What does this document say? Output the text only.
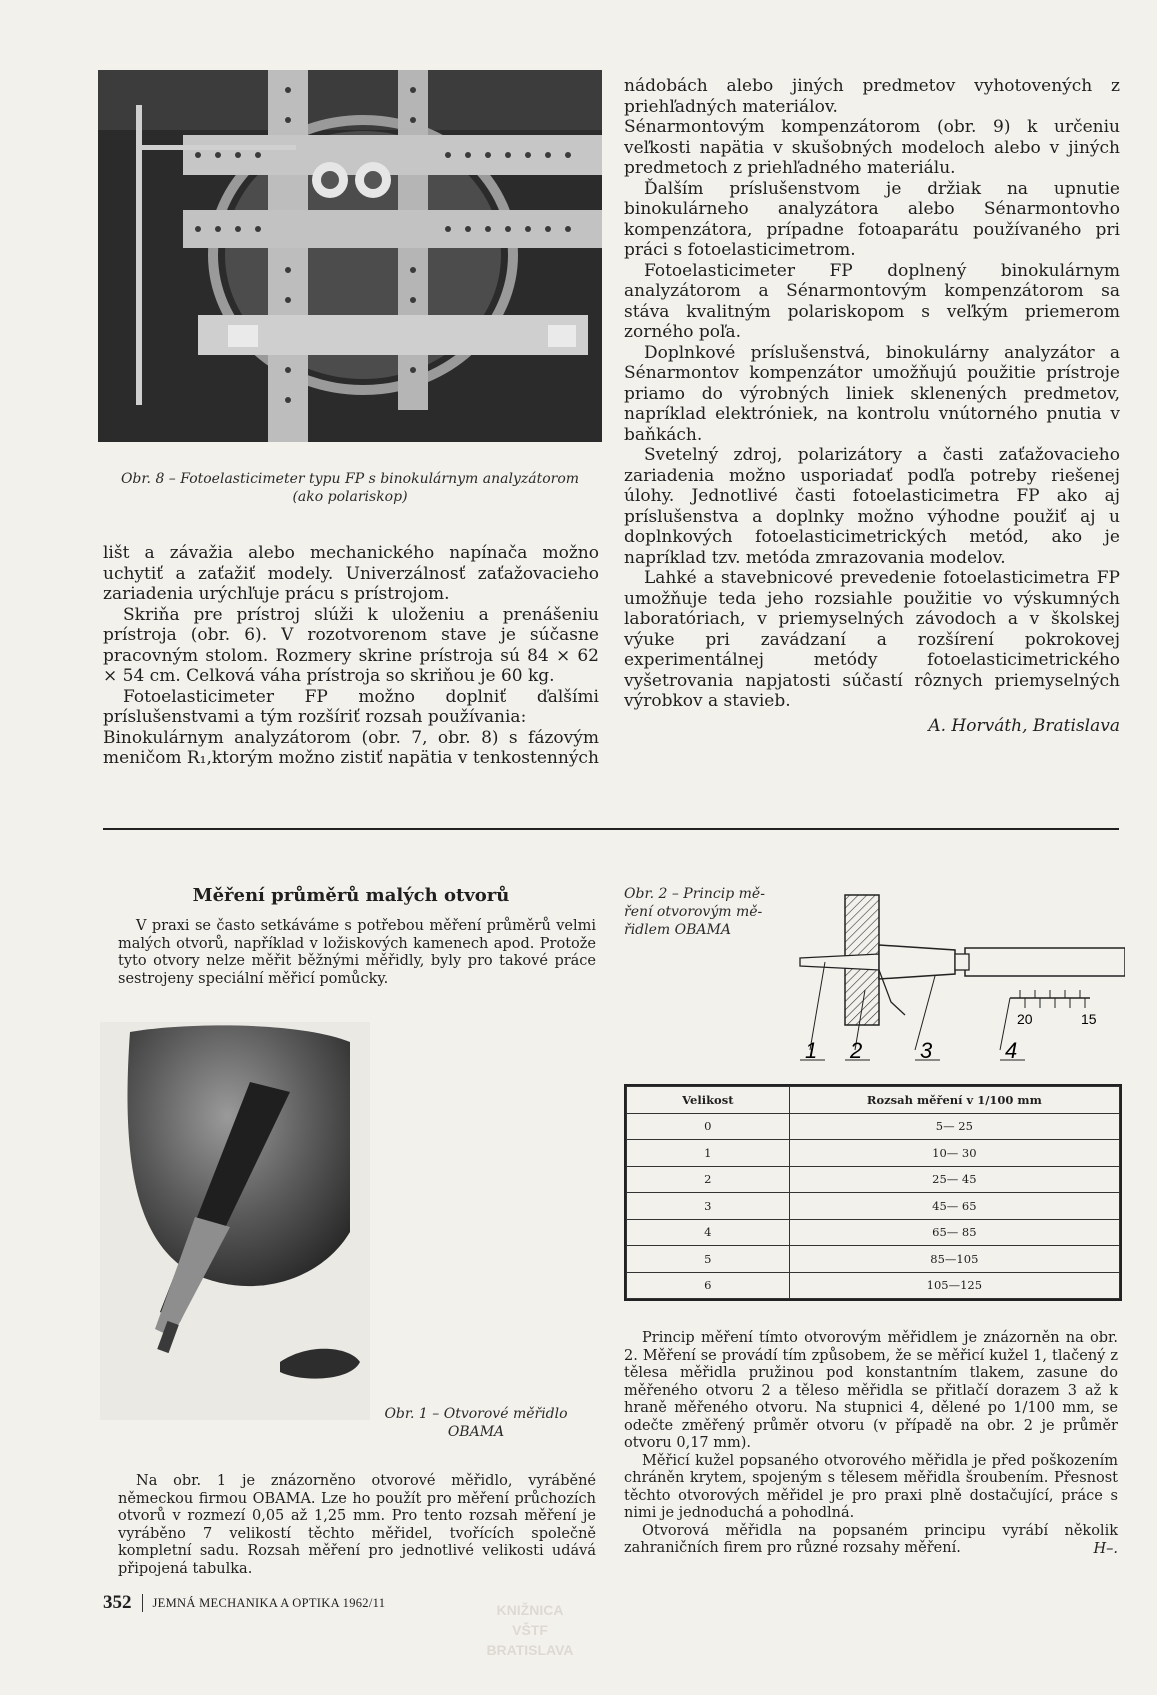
Obr. 8 – Fotoelasticimeter typu FP s binokulárnym analyzátorom
(ako polariskop)

lišt a závažia alebo mechanického napínača možno uchytiť a zaťažiť modely. Univerzálnosť zaťažovacieho zariadenia urýchľuje prácu s prístrojom.

Skriňa pre prístroj slúži k uloženiu a prenášeniu prístroja (obr. 6). V rozotvorenom stave je súčasne pracovným stolom. Rozmery skrine prístroja sú 84 × 62 × 54 cm. Celková váha prístroja so skriňou je 60 kg.

Fotoelasticimeter FP možno doplniť ďalšími príslušenstvami a tým rozšíriť rozsah používania:

Binokulárnym analyzátorom (obr. 7, obr. 8) s fázovým meničom R₁,ktorým možno zistiť napätia v tenkostenných

nádobách alebo jiných predmetov vyhotovených z priehľadných materiálov.

Sénarmontovým kompenzátorom (obr. 9) k určeniu veľkosti napätia v skušobných modeloch alebo v jiných predmetoch z priehľadného materiálu.

Ďalším príslušenstvom je držiak na upnutie binokulárneho analyzátora alebo Sénarmontovho kompenzátora, prípadne fotoaparátu používaného pri práci s fotoelasticimetrom.

Fotoelasticimeter FP doplnený binokulárnym analyzátorom a Sénarmontovým kompenzátorom sa stáva kvalitným polariskopom s veľkým priemerom zorného poľa.

Doplnkové príslušenstvá, binokulárny analyzátor a Sénarmontov kompenzátor umožňujú použitie prístroje priamo do výrobných liniek sklenených predmetov, napríklad elektróniek, na kontrolu vnútorného pnutia v baňkách.

Svetelný zdroj, polarizátory a časti zaťažovacieho zariadenia možno usporiadať podľa potreby riešenej úlohy. Jednotlivé časti fotoelasticimetra FP ako aj príslušenstva a doplnky možno výhodne použiť aj u doplnkových fotoelasticimetrických metód, ako je napríklad tzv. metóda zmrazovania modelov.

Lahké a stavebnicové prevedenie fotoelasticimetra FP umožňuje teda jeho rozsiahle použitie vo výskumných laboratóriach, v priemyselných závodoch a v školskej výuke pri zavádzaní a rozšírení pokrokovej experimentálnej metódy fotoelasticimetrického vyšetrovania napjatosti súčastí rôznych priemyselných výrobkov a stavieb.

A. Horváth, Bratislava
Měření průměrů malých otvorů

V praxi se často setkáváme s potřebou měření průměrů velmi malých otvorů, například v ložiskových kamenech apod. Protože tyto otvory nelze měřit běžnými měřidly, byly pro takové práce sestrojeny speciální měřicí pomůcky.

Obr. 1 – Otvorové měřidlo
OBAMA

Na obr. 1 je znázorněno otvorové měřidlo, vyráběné německou firmou OBAMA. Lze ho použít pro měření průchozích otvorů v rozmezí 0,05 až 1,25 mm. Pro tento rozsah měření je vyráběno 7 velikostí těchto měřidel, tvořících společně kompletní sadu. Rozsah měření pro jednotlivé velikosti udává připojená tabulka.

Obr. 2 – Princip mě-
ření otvorovým mě-
řidlem OBAMA
20	15
1 2	3	4
Velikost	Rozsah měření v 1/100 mm
0	5— 25
1	10— 30
2	25— 45
3	45— 65
4	65— 85
5	85—105
6	105—125

Princip měření tímto otvorovým měřidlem je znázorněn na obr. 2. Měření se provádí tím způsobem, že se měřicí kužel 1, tlačený z tělesa měřidla pružinou pod konstantním tlakem, zasune do měřeného otvoru 2 a těleso měřidla se přitlačí dorazem 3 až k hraně měřeného otvoru. Na stupnici 4, dělené po 1/100 mm, se odečte změřený průměr otvoru (v případě na obr. 2 je průměr otvoru 0,17 mm).

Měřicí kužel popsaného otvorového měřidla je před poškozením chráněn krytem, spojeným s tělesem měřidla šroubením. Přesnost těchto otvorových měřidel je pro praxi plně dostačující, práce s nimi je jednoduchá a pohodlná.

Otvorová měřidla na popsaném principu vyrábí několik zahraničních firem pro různé rozsahy měření.	H–.
352 JEMNÁ MECHANIKA A OPTIKA 1962/11	KNIŽNICA
VŠTF
BRATISLAVA
